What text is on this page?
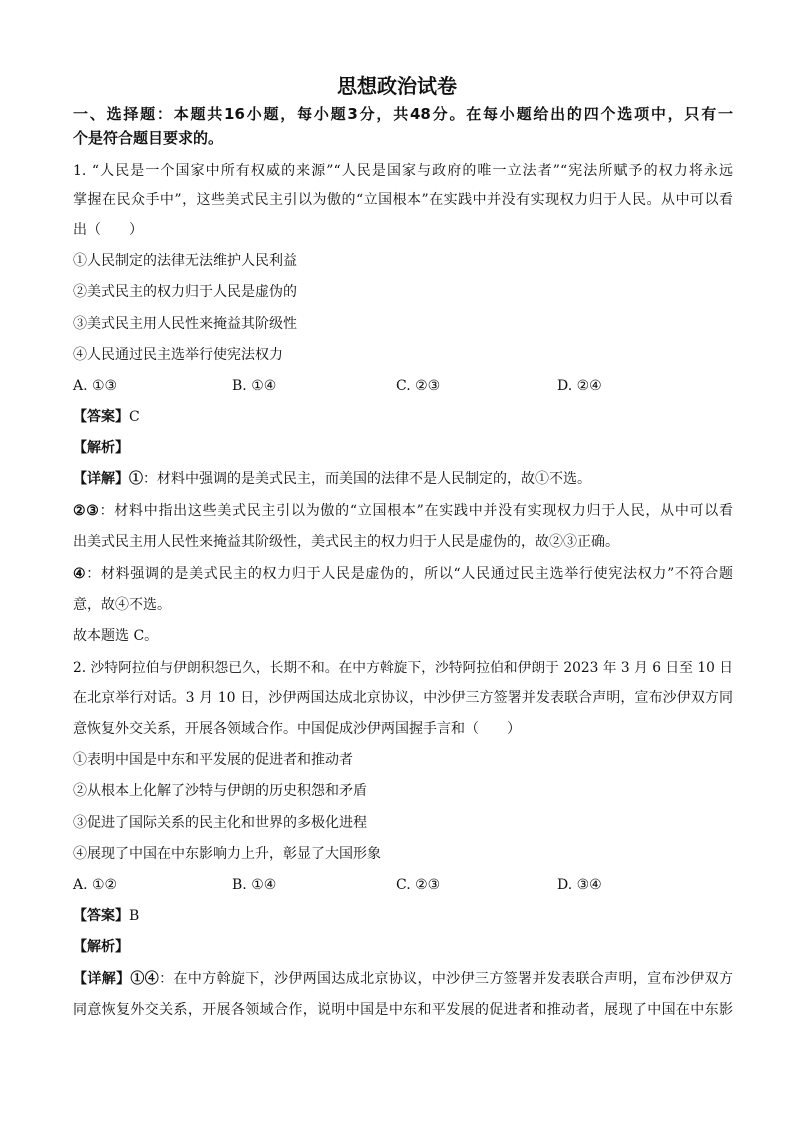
思想政治试卷
一、选择题：本题共16小题，每小题3分，共48分。在每小题给出的四个选项中，只有一
个是符合题目要求的。
1. “人民是一个国家中所有权威的来源”“人民是国家与政府的唯一立法者”“宪法所赋予的权力将永远
掌握在民众手中”，这些美式民主引以为傲的“立国根本”在实践中并没有实现权力归于人民。从中可以看
出（　　）
①人民制定的法律无法维护人民利益
②美式民主的权力归于人民是虚伪的
③美式民主用人民性来掩益其阶级性
④人民通过民主选举行使宪法权力
A. ①③	B. ①④	C. ②③	D. ②④
【答案】C
【解析】
【详解】①：材料中强调的是美式民主，而美国的法律不是人民制定的，故①不选。
②③：材料中指出这些美式民主引以为傲的“立国根本”在实践中并没有实现权力归于人民，从中可以看
出美式民主用人民性来掩益其阶级性，美式民主的权力归于人民是虚伪的，故②③正确。
④：材料强调的是美式民主的权力归于人民是虚伪的，所以“人民通过民主选举行使宪法权力”不符合题
意，故④不选。
故本题选 C。
2. 沙特阿拉伯与伊朗积怨已久，长期不和。在中方斡旋下，沙特阿拉伯和伊朗于 2023 年 3 月 6 日至 10 日
在北京举行对话。3 月 10 日，沙伊两国达成北京协议，中沙伊三方签署并发表联合声明，宣布沙伊双方同
意恢复外交关系，开展各领域合作。中国促成沙伊两国握手言和（　　）
①表明中国是中东和平发展的促进者和推动者
②从根本上化解了沙特与伊朗的历史积怨和矛盾
③促进了国际关系的民主化和世界的多极化进程
④展现了中国在中东影响力上升，彰显了大国形象
A. ①②	B. ①④	C. ②③	D. ③④
【答案】B
【解析】
【详解】①④：在中方斡旋下，沙伊两国达成北京协议，中沙伊三方签署并发表联合声明，宣布沙伊双方
同意恢复外交关系，开展各领域合作，说明中国是中东和平发展的促进者和推动者，展现了中国在中东影
